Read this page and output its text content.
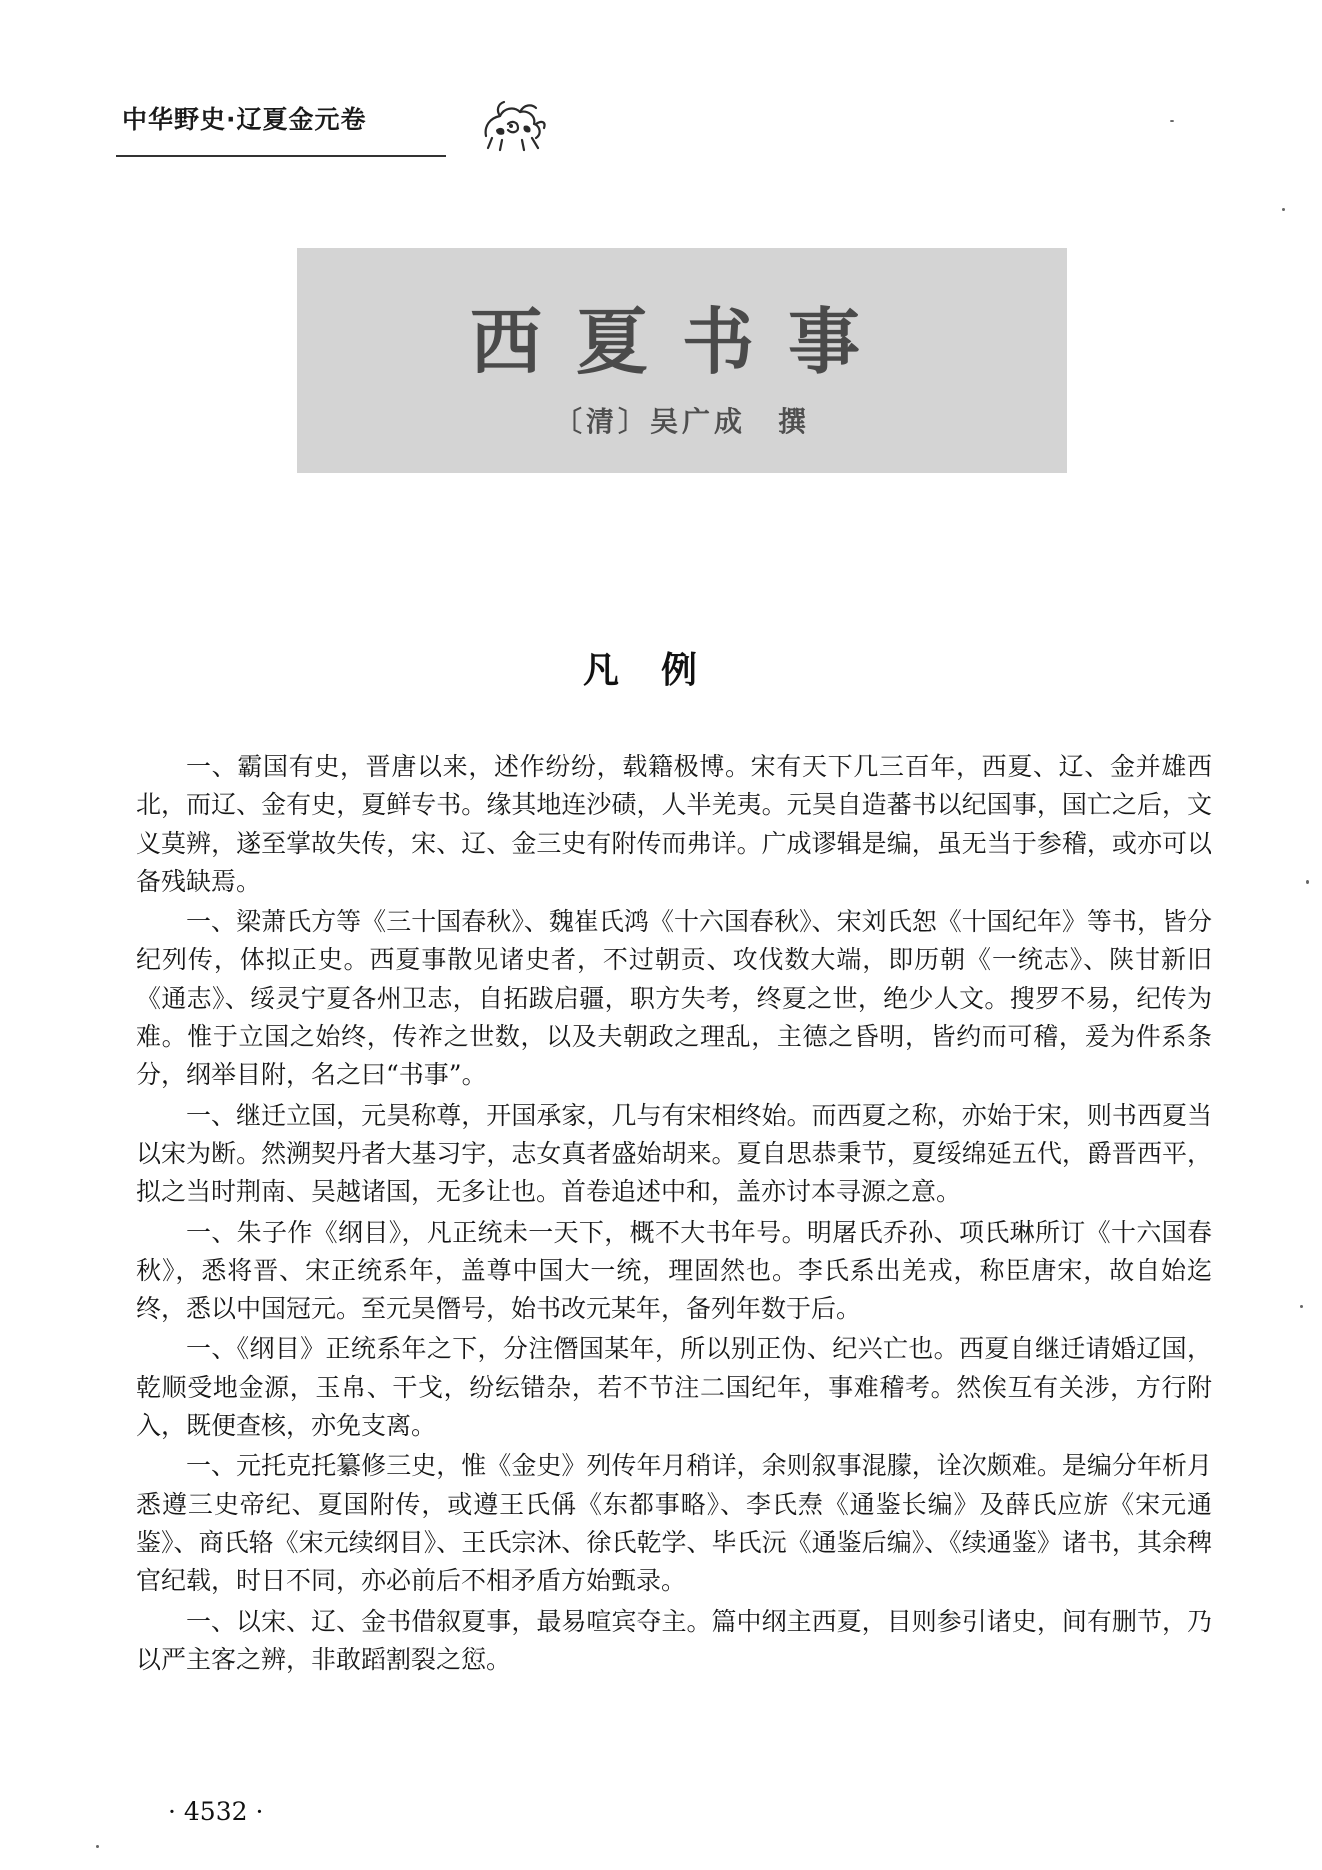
中华野史·辽夏金元卷
西夏书事
〔清〕吴广成　撰
凡例

一、霸国有史，晋唐以来，述作纷纷，载籍极博。宋有天下几三百年，西夏、辽、金并雄西北，而辽、金有史，夏鲜专书。缘其地连沙碛，人半羌夷。元昊自造蕃书以纪国事，国亡之后，文义莫辨，遂至掌故失传，宋、辽、金三史有附传而弗详。广成谬辑是编，虽无当于参稽，或亦可以备残缺焉。

一、梁萧氏方等《三十国春秋》、魏崔氏鸿《十六国春秋》、宋刘氏恕《十国纪年》等书，皆分纪列传，体拟正史。西夏事散见诸史者，不过朝贡、攻伐数大端，即历朝《一统志》、陕甘新旧《通志》、绥灵宁夏各州卫志，自拓跋启疆，职方失考，终夏之世，绝少人文。搜罗不易，纪传为难。惟于立国之始终，传祚之世数，以及夫朝政之理乱，主德之昏明，皆约而可稽，爰为件系条分，纲举目附，名之曰“书事”。

一、继迁立国，元昊称尊，开国承家，几与有宋相终始。而西夏之称，亦始于宋，则书西夏当以宋为断。然溯契丹者大基习宇，志女真者盛始胡来。夏自思恭秉节，夏绥绵延五代，爵晋西平，拟之当时荆南、吴越诸国，无多让也。首卷追述中和，盖亦讨本寻源之意。

一、朱子作《纲目》，凡正统未一天下，概不大书年号。明屠氏乔孙、项氏琳所订《十六国春秋》，悉将晋、宋正统系年，盖尊中国大一统，理固然也。李氏系出羌戎，称臣唐宋，故自始迄终，悉以中国冠元。至元昊僭号，始书改元某年，备列年数于后。

一、《纲目》正统系年之下，分注僭国某年，所以别正伪、纪兴亡也。西夏自继迁请婚辽国，乾顺受地金源，玉帛、干戈，纷纭错杂，若不节注二国纪年，事难稽考。然俟互有关涉，方行附入，既便查核，亦免支离。

一、元托克托纂修三史，惟《金史》列传年月稍详，余则叙事混朦，诠次颇难。是编分年析月悉遵三史帝纪、夏国附传，或遵王氏偁《东都事略》、李氏焘《通鉴长编》及薛氏应旂《宋元通鉴》、商氏辂《宋元续纲目》、王氏宗沐、徐氏乾学、毕氏沅《通鉴后编》、《续通鉴》诸书，其余稗官纪载，时日不同，亦必前后不相矛盾方始甄录。

一、以宋、辽、金书借叙夏事，最易喧宾夺主。篇中纲主西夏，目则参引诸史，间有删节，乃以严主客之辨，非敢蹈割裂之愆。

· 4532 ·
